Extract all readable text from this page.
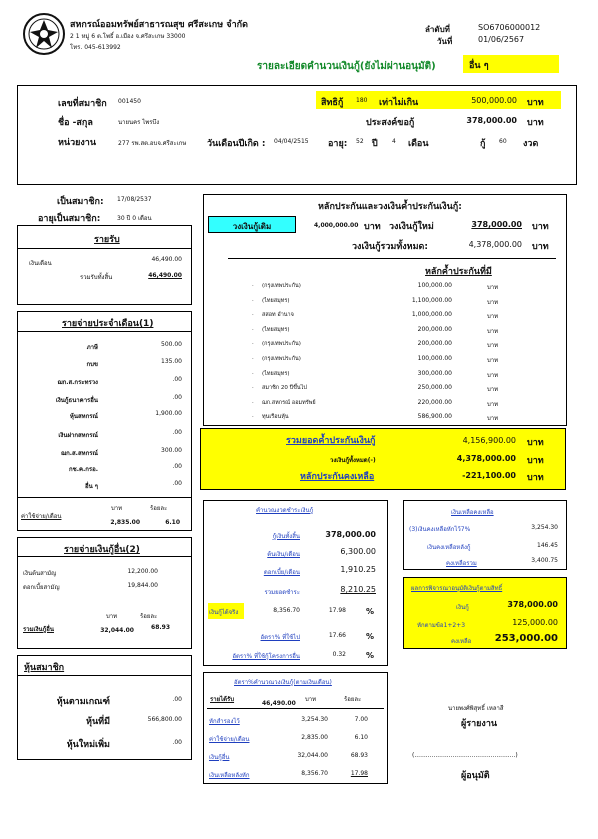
สหกรณ์ออมทรัพย์สาธารณสุข ศรีสะเกษ จำกัด
2 1 หมู่ 6 ต.โพธิ์ อ.เมือง จ.ศรีสะเกษ 33000
โทร. 045-613992
ลำดับที่	SO6706000012
วันที่	01/06/2567
รายละเอียดคำนวนเงินกู้(ยังไม่ผ่านอนุมัติ)	อื่น ๆ
เลขที่สมาชิก 001450
ชื่อ -สกุล	นายนคร ไพรบึง
หน่วยงาน	277 รพ.สต.อบจ.ศรีสะเกษ วันเดือนปีเกิด : 04/04/2515 อายุ: 52 ปี 4 เดือน
สิทธิกู้ 180 เท่าไม่เกิน	500,000.00 บาท
ประสงค์ขอกู้	378,000.00 บาท
กู้ 60 งวด
เป็นสมาชิก: 17/08/2537
อายุเป็นสมาชิก:	30 ปี 0 เดือน
รายรับ
เงินเดือน
46,490.00
รวมรับทั้งสิ้น	46,490.00
รายจ่ายประจำเดือน(1)
ภาษี	500.00
กบข	135.00
ฌก.ส.กระทรวง	.00
เงินกู้ธนาคารอื่น	.00
หุ้นสหกรณ์	1,900.00
เงินฝากสหกรณ์	.00
ฌก.ส.สหกรณ์	300.00
กช.ค.กรอ.	.00
อื่น ๆ	.00
บาท	ร้อยละ
ค่าใช้จ่าย/เดือน
2,835.00	6.10
รายจ่ายเงินกู้อื่น(2)
เงินต้นสามัญ	12,200.00
ดอกเบี้ยสามัญ	19,844.00
บาท	ร้อยละ
รวมเงินกู้อื่น	32,044.00	68.93
หุ้นสมาชิก
หุ้นตามเกณฑ์	.00
หุ้นที่มี	566,800.00
หุ้นใหม่เพิ่ม	.00
หลักประกันและวงเงินค้ำประกันเงินกู้:
วงเงินกู้เดิม	4,000,000.00 บาท วงเงินกู้ใหม่	378,000.00 บาท
วงเงินกู้รวมทั้งหมด:	4,378,000.00 บาท
หลักค้ำประกันที่มี
. (กรุงเทพประกัน)	100,000.00	บาท
. (ไทยสมุทร)	1,100,000.00	บาท
. สสอท อำนาจ	1,000,000.00	บาท
. (ไทยสมุทร)	200,000.00	บาท
. (กรุงเทพประกัน)	200,000.00	บาท
. (กรุงเทพประกัน)	100,000.00	บาท
. (ไทยสมุทร)	300,000.00	บาท
. สมาชิก 20 ปีขึ้นไป	250,000.00	บาท
. ฌก.สหกรณ์ ออมทรัพย์	220,000.00	บาท
. ทุนเรือนหุ้น	586,900.00	บาท
รวมยอดค้ำประกันเงินกู้	4,156,900.00 บาท
วงเงินกู้ทั้งหมด(-)	4,378,000.00 บาท
หลักประกันคงเหลือ	-221,100.00 บาท
คำนวณงวดชำระเงินกู้
กู้เงินทั้งสิ้น	378,000.00
ต้นเงิน/เดือน	6,300.00
ดอกเบี้ย/เดือน	1,910.25
รวมยอดชำระ	8,210.25
เงินกู้ได้จริง	8,356.70	17.98	%
อัตรา% ที่ใช้ไป	17.66	%
อัตรา% ที่ใช้กู้โครงการอื่น	0.32	%
เงินเหลือคงเหลือ
(3)เงินคงเหลือหักไว้7%	3,254.30
เงินคงเหลือหลังกู้	146.45
คงเหลือรวม	3,400.75
ผลการพิจารณาอนุมัติเงินกู้ตามสิทธิ์
เงินกู้	378,000.00
หักตามข้อ1+2+3	125,000.00
คงเหลือ	253,000.00
อัตรา%คำนวณวงเงินกู้(ตามเงินเดือน)
รายได้รับ
46,490.00
บาท	ร้อยละ
หักสำรองไว้	3,254.30	7.00
ค่าใช้จ่าย/เดือน	2,835.00	6.10
เงินกู้อื่น	32,044.00	68.93
เงินเหลือหลังหัก	8,356.70	17.98
นายพงศ์พิสุทธิ์ เหลาสี
ผู้รายงาน
(.....................................................)
ผู้อนุมัติ
